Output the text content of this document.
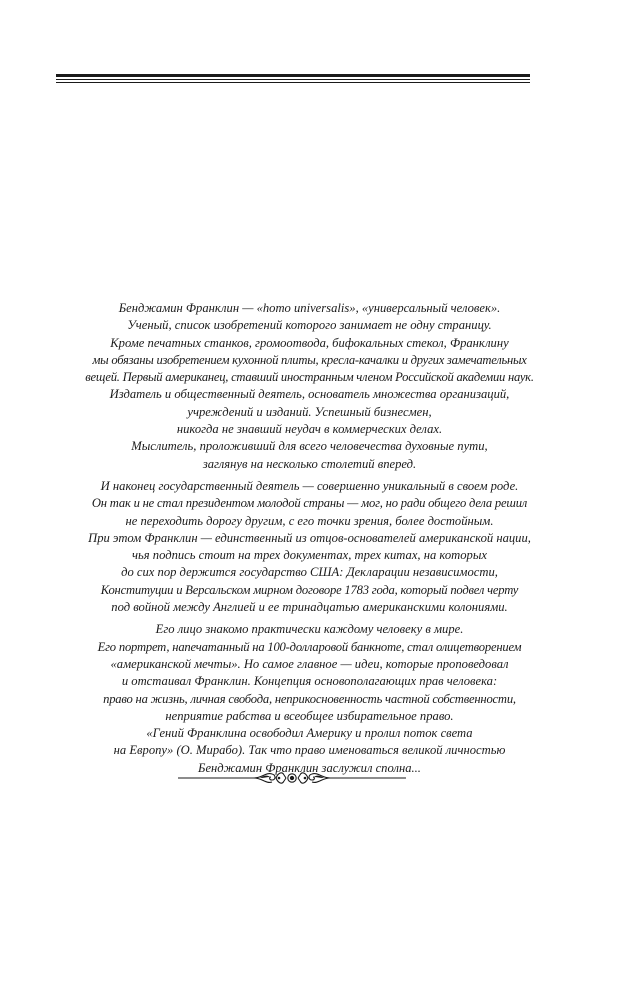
Бенджамин Франклин — «homo universalis», «универсальный человек».
Ученый, список изобретений которого занимает не одну страницу.
Кроме печатных станков, громоотвода, бифокальных стекол, Франклину
мы обязаны изобретением кухонной плиты, кресла-качалки и других замечательных
вещей. Первый американец, ставший иностранным членом Российской академии наук.
Издатель и общественный деятель, основатель множества организаций,
учреждений и изданий. Успешный бизнесмен,
никогда не знавший неудач в коммерческих делах.
Мыслитель, проложивший для всего человечества духовные пути,
заглянув на несколько столетий вперед.

И наконец государственный деятель — совершенно уникальный в своем роде.
Он так и не стал президентом молодой страны — мог, но ради общего дела решил
не переходить дорогу другим, с его точки зрения, более достойным.
При этом Франклин — единственный из отцов-основателей американской нации,
чья подпись стоит на трех документах, трех китах, на которых
до сих пор держится государство США: Декларации независимости,
Конституции и Версальском мирном договоре 1783 года, который подвел черту
под войной между Англией и ее тринадцатью американскими колониями.

Его лицо знакомо практически каждому человеку в мире.
Его портрет, напечатанный на 100-долларовой банкноте, стал олицетворением
«американской мечты». Но самое главное — идеи, которые проповедовал
и отстаивал Франклин. Концепция основополагающих прав человека:
право на жизнь, личная свобода, неприкосновенность частной собственности,
неприятие рабства и всеобщее избирательное право.
«Гений Франклина освободил Америку и пролил поток света
на Европу» (О. Мирабо). Так что право именоваться великой личностью
Бенджамин Франклин заслужил сполна...
